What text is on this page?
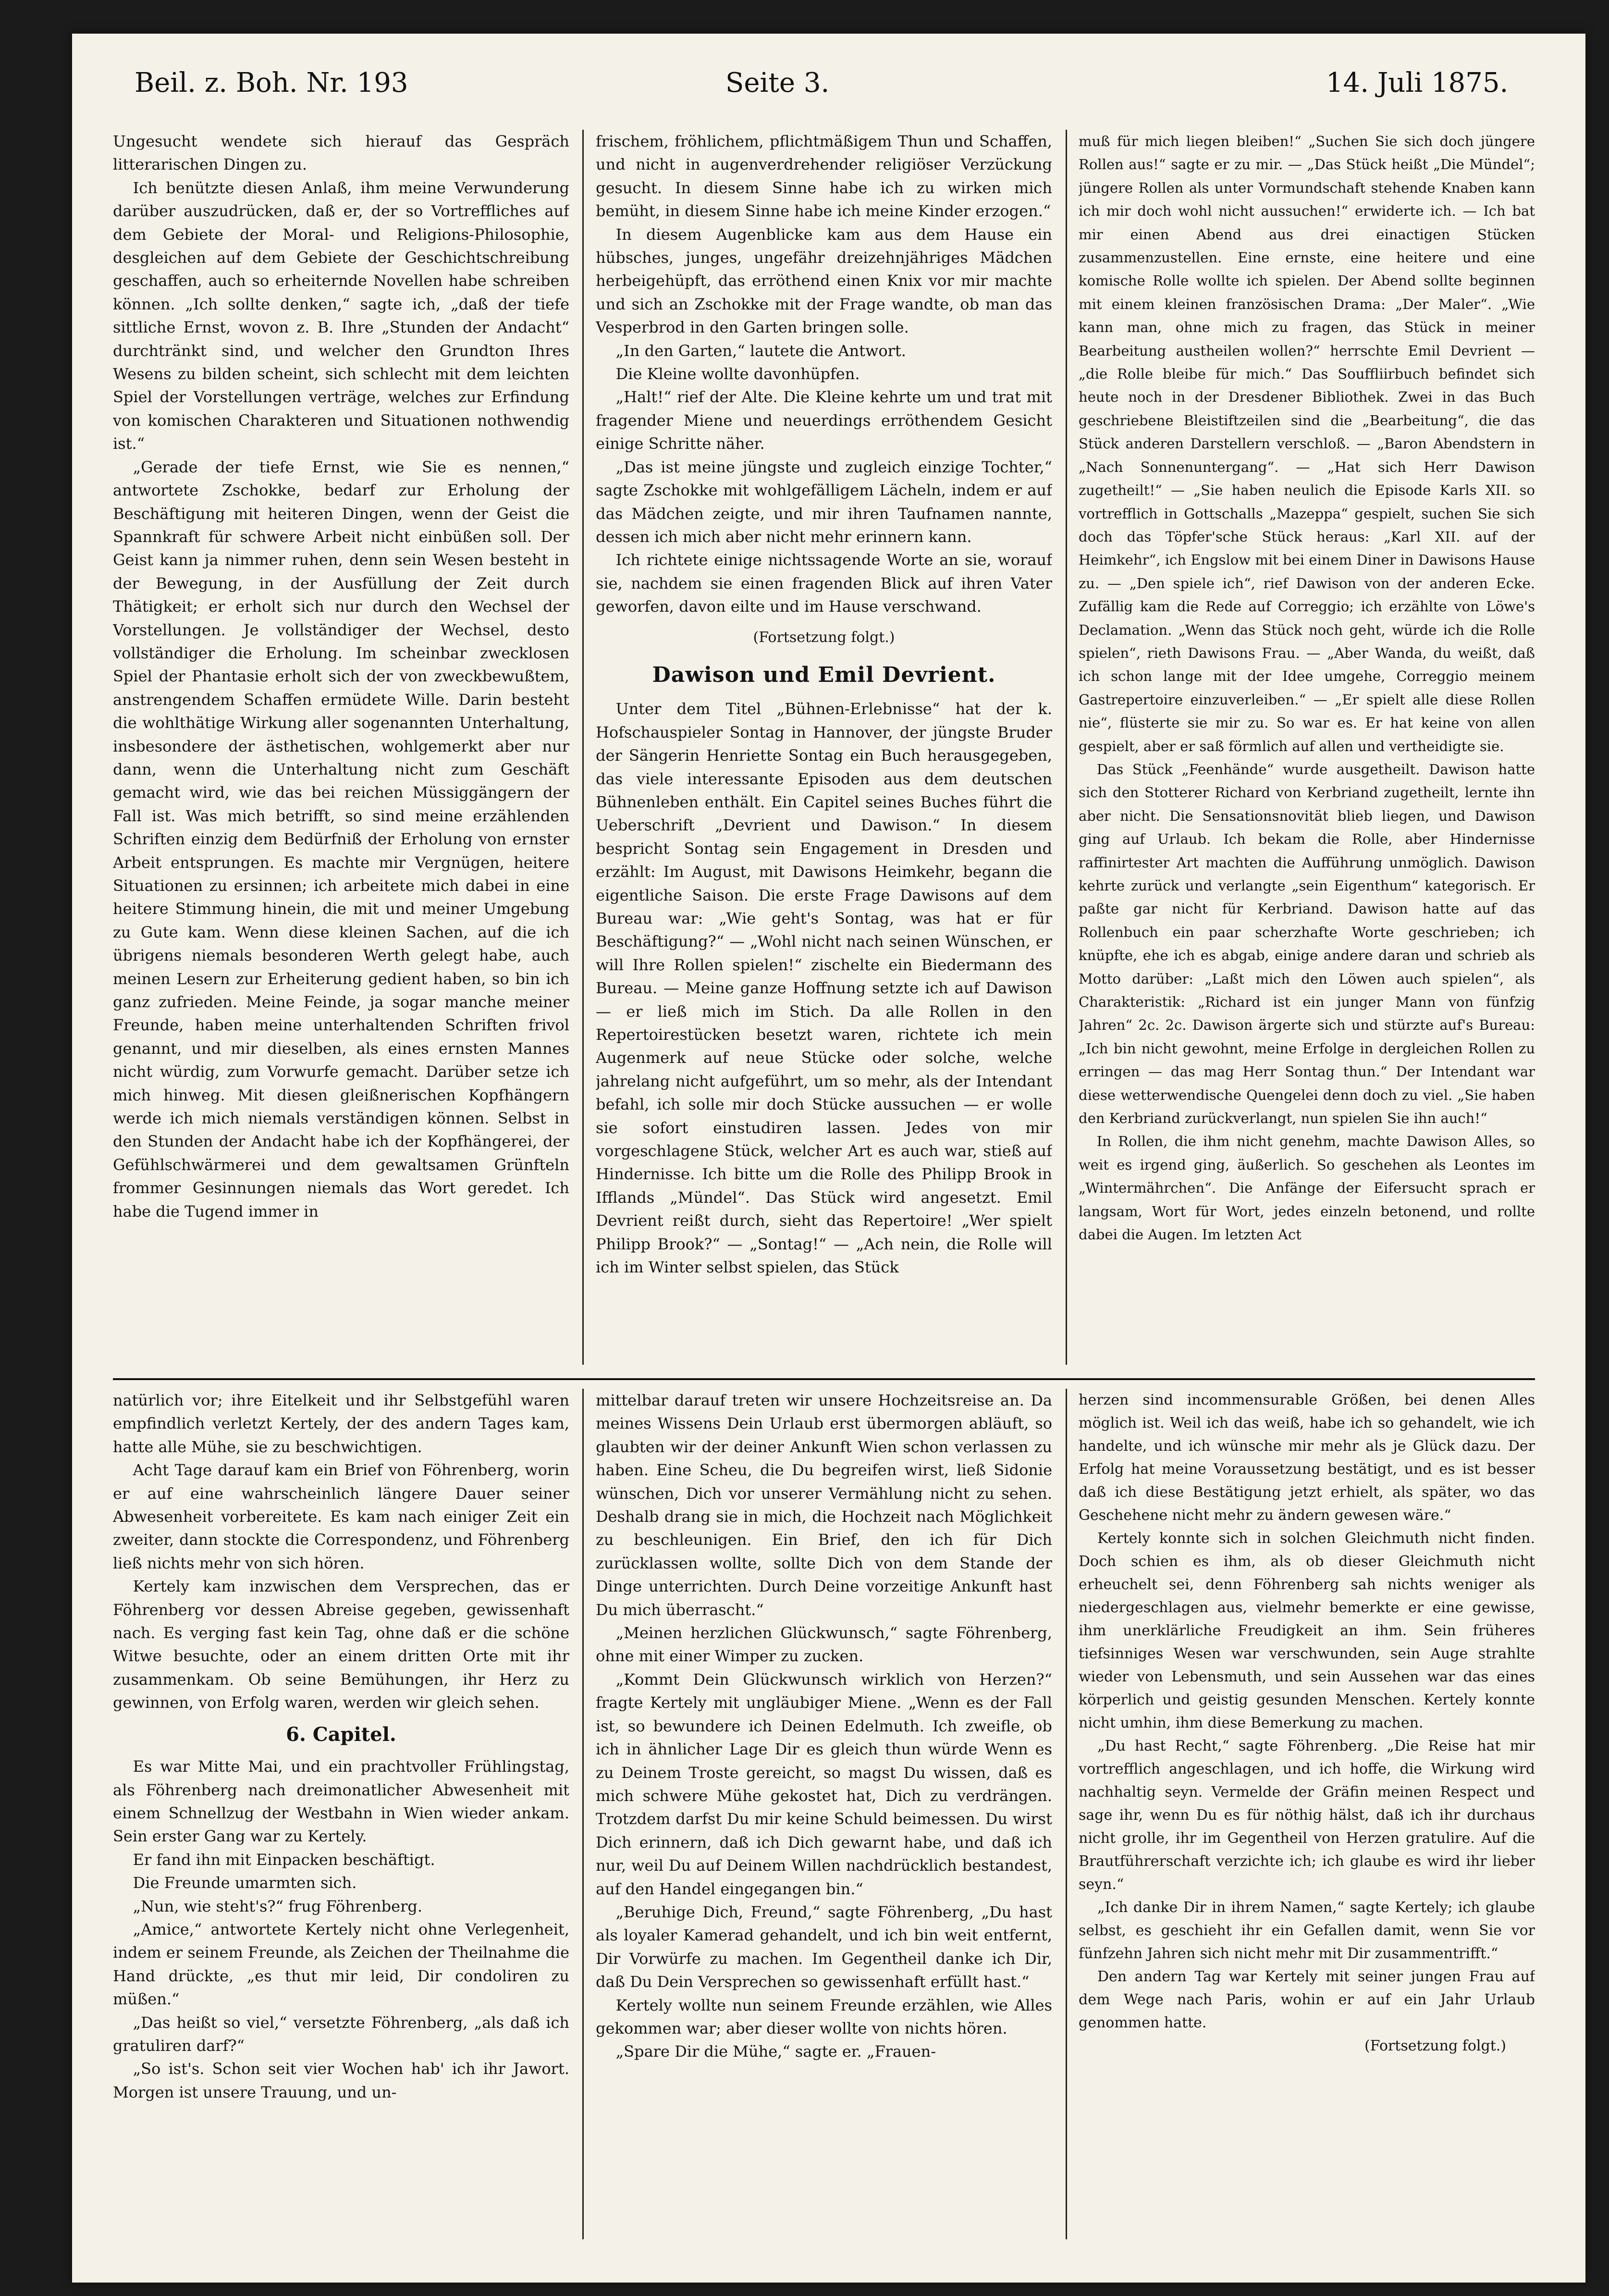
Beil. z. Boh. Nr. 193	Seite 3.	14. Juli 1875.

Ungesucht wendete sich hierauf das Gespräch litterarischen Dingen zu.

Ich benützte diesen Anlaß, ihm meine Verwunderung darüber auszudrücken, daß er, der so Vortreffliches auf dem Gebiete der Moral- und Religions-Philosophie, desgleichen auf dem Gebiete der Geschichtschreibung geschaffen, auch so erheiternde Novellen habe schreiben können. „Ich sollte denken,“ sagte ich, „daß der tiefe sittliche Ernst, wovon z. B. Ihre „Stunden der Andacht“ durchtränkt sind, und welcher den Grundton Ihres Wesens zu bilden scheint, sich schlecht mit dem leichten Spiel der Vorstellungen verträge, welches zur Erfindung von komischen Charakteren und Situationen nothwendig ist.“

„Gerade der tiefe Ernst, wie Sie es nennen,“ antwortete Zschokke, bedarf zur Erholung der Beschäftigung mit heiteren Dingen, wenn der Geist die Spannkraft für schwere Arbeit nicht einbüßen soll. Der Geist kann ja nimmer ruhen, denn sein Wesen besteht in der Bewegung, in der Ausfüllung der Zeit durch Thätigkeit; er erholt sich nur durch den Wechsel der Vorstellungen. Je vollständiger der Wechsel, desto vollständiger die Erholung. Im scheinbar zwecklosen Spiel der Phantasie erholt sich der von zweckbewußtem, anstrengendem Schaffen ermüdete Wille. Darin besteht die wohlthätige Wirkung aller sogenannten Unterhaltung, insbesondere der ästhetischen, wohlgemerkt aber nur dann, wenn die Unterhaltung nicht zum Geschäft gemacht wird, wie das bei reichen Müssiggängern der Fall ist. Was mich betrifft, so sind meine erzählenden Schriften einzig dem Bedürfniß der Erholung von ernster Arbeit entsprungen. Es machte mir Vergnügen, heitere Situationen zu ersinnen; ich arbeitete mich dabei in eine heitere Stimmung hinein, die mit und meiner Umgebung zu Gute kam. Wenn diese kleinen Sachen, auf die ich übrigens niemals besonderen Werth gelegt habe, auch meinen Lesern zur Erheiterung gedient haben, so bin ich ganz zufrieden. Meine Feinde, ja sogar manche meiner Freunde, haben meine unterhaltenden Schriften frivol genannt, und mir dieselben, als eines ernsten Mannes nicht würdig, zum Vorwurfe gemacht. Darüber setze ich mich hinweg. Mit diesen gleißnerischen Kopfhängern werde ich mich niemals verständigen können. Selbst in den Stunden der Andacht habe ich der Kopfhängerei, der Gefühlschwärmerei und dem gewaltsamen Grünfteln frommer Gesinnungen niemals das Wort geredet. Ich habe die Tugend immer in

frischem, fröhlichem, pflichtmäßigem Thun und Schaffen, und nicht in augenverdrehender religiöser Verzückung gesucht. In diesem Sinne habe ich zu wirken mich bemüht, in diesem Sinne habe ich meine Kinder erzogen.“

In diesem Augenblicke kam aus dem Hause ein hübsches, junges, ungefähr dreizehnjähriges Mädchen herbeigehüpft, das erröthend einen Knix vor mir machte und sich an Zschokke mit der Frage wandte, ob man das Vesperbrod in den Garten bringen solle.

„In den Garten,“ lautete die Antwort.

Die Kleine wollte davonhüpfen.

„Halt!“ rief der Alte. Die Kleine kehrte um und trat mit fragender Miene und neuerdings erröthendem Gesicht einige Schritte näher.

„Das ist meine jüngste und zugleich einzige Tochter,“ sagte Zschokke mit wohlgefälligem Lächeln, indem er auf das Mädchen zeigte, und mir ihren Taufnamen nannte, dessen ich mich aber nicht mehr erinnern kann.

Ich richtete einige nichtssagende Worte an sie, worauf sie, nachdem sie einen fragenden Blick auf ihren Vater geworfen, davon eilte und im Hause verschwand.

(Fortsetzung folgt.)

Dawison und Emil Devrient.

Unter dem Titel „Bühnen-Erlebnisse“ hat der k. Hofschauspieler Sontag in Hannover, der jüngste Bruder der Sängerin Henriette Sontag ein Buch herausgegeben, das viele interessante Episoden aus dem deutschen Bühnenleben enthält. Ein Capitel seines Buches führt die Ueberschrift „Devrient und Dawison.“ In diesem bespricht Sontag sein Engagement in Dresden und erzählt: Im August, mit Dawisons Heimkehr, begann die eigentliche Saison. Die erste Frage Dawisons auf dem Bureau war: „Wie geht's Sontag, was hat er für Beschäftigung?“ — „Wohl nicht nach seinen Wünschen, er will Ihre Rollen spielen!“ zischelte ein Biedermann des Bureau. — Meine ganze Hoffnung setzte ich auf Dawison — er ließ mich im Stich. Da alle Rollen in den Repertoirestücken besetzt waren, richtete ich mein Augenmerk auf neue Stücke oder solche, welche jahrelang nicht aufgeführt, um so mehr, als der Intendant befahl, ich solle mir doch Stücke aussuchen — er wolle sie sofort einstudiren lassen. Jedes von mir vorgeschlagene Stück, welcher Art es auch war, stieß auf Hindernisse. Ich bitte um die Rolle des Philipp Brook in Ifflands „Mündel“. Das Stück wird angesetzt. Emil Devrient reißt durch, sieht das Repertoire! „Wer spielt Philipp Brook?“ — „Sontag!“ — „Ach nein, die Rolle will ich im Winter selbst spielen, das Stück

muß für mich liegen bleiben!“ „Suchen Sie sich doch jüngere Rollen aus!“ sagte er zu mir. — „Das Stück heißt „Die Mündel“; jüngere Rollen als unter Vormundschaft stehende Knaben kann ich mir doch wohl nicht aussuchen!“ erwiderte ich. — Ich bat mir einen Abend aus drei einactigen Stücken zusammenzustellen. Eine ernste, eine heitere und eine komische Rolle wollte ich spielen. Der Abend sollte beginnen mit einem kleinen französischen Drama: „Der Maler“. „Wie kann man, ohne mich zu fragen, das Stück in meiner Bearbeitung austheilen wollen?“ herrschte Emil Devrient — „die Rolle bleibe für mich.“ Das Souffliirbuch befindet sich heute noch in der Dresdener Bibliothek. Zwei in das Buch geschriebene Bleistiftzeilen sind die „Bearbeitung“, die das Stück anderen Darstellern verschloß. — „Baron Abendstern in „Nach Sonnenuntergang“. — „Hat sich Herr Dawison zugetheilt!“ — „Sie haben neulich die Episode Karls XII. so vortrefflich in Gottschalls „Mazeppa“ gespielt, suchen Sie sich doch das Töpfer'sche Stück heraus: „Karl XII. auf der Heimkehr“, ich Engslow mit bei einem Diner in Dawisons Hause zu. — „Den spiele ich“, rief Dawison von der anderen Ecke. Zufällig kam die Rede auf Correggio; ich erzählte von Löwe's Declamation. „Wenn das Stück noch geht, würde ich die Rolle spielen“, rieth Dawisons Frau. — „Aber Wanda, du weißt, daß ich schon lange mit der Idee umgehe, Correggio meinem Gastrepertoire einzuverleiben.“ — „Er spielt alle diese Rollen nie“, flüsterte sie mir zu. So war es. Er hat keine von allen gespielt, aber er saß förmlich auf allen und vertheidigte sie.

Das Stück „Feenhände“ wurde ausgetheilt. Dawison hatte sich den Stotterer Richard von Kerbriand zugetheilt, lernte ihn aber nicht. Die Sensationsnovität blieb liegen, und Dawison ging auf Urlaub. Ich bekam die Rolle, aber Hindernisse raffinirtester Art machten die Aufführung unmöglich. Dawison kehrte zurück und verlangte „sein Eigenthum“ kategorisch. Er paßte gar nicht für Kerbriand. Dawison hatte auf das Rollenbuch ein paar scherzhafte Worte geschrieben; ich knüpfte, ehe ich es abgab, einige andere daran und schrieb als Motto darüber: „Laßt mich den Löwen auch spielen“, als Charakteristik: „Richard ist ein junger Mann von fünfzig Jahren“ 2c. 2c. Dawison ärgerte sich und stürzte auf's Bureau: „Ich bin nicht gewohnt, meine Erfolge in dergleichen Rollen zu erringen — das mag Herr Sontag thun.“ Der Intendant war diese wetterwendische Quengelei denn doch zu viel. „Sie haben den Kerbriand zurückverlangt, nun spielen Sie ihn auch!“

In Rollen, die ihm nicht genehm, machte Dawison Alles, so weit es irgend ging, äußerlich. So geschehen als Leontes im „Wintermährchen“. Die Anfänge der Eifersucht sprach er langsam, Wort für Wort, jedes einzeln betonend, und rollte dabei die Augen. Im letzten Act

natürlich vor; ihre Eitelkeit und ihr Selbstgefühl waren empfindlich verletzt Kertely, der des andern Tages kam, hatte alle Mühe, sie zu beschwichtigen.

Acht Tage darauf kam ein Brief von Föhrenberg, worin er auf eine wahrscheinlich längere Dauer seiner Abwesenheit vorbereitete. Es kam nach einiger Zeit ein zweiter, dann stockte die Correspondenz, und Föhrenberg ließ nichts mehr von sich hören.

Kertely kam inzwischen dem Versprechen, das er Föhrenberg vor dessen Abreise gegeben, gewissenhaft nach. Es verging fast kein Tag, ohne daß er die schöne Witwe besuchte, oder an einem dritten Orte mit ihr zusammenkam. Ob seine Bemühungen, ihr Herz zu gewinnen, von Erfolg waren, werden wir gleich sehen.

6. Capitel.

Es war Mitte Mai, und ein prachtvoller Frühlingstag, als Föhrenberg nach dreimonatlicher Abwesenheit mit einem Schnellzug der Westbahn in Wien wieder ankam. Sein erster Gang war zu Kertely.

Er fand ihn mit Einpacken beschäftigt.

Die Freunde umarmten sich.

„Nun, wie steht's?“ frug Föhrenberg.

„Amice,“ antwortete Kertely nicht ohne Verlegenheit, indem er seinem Freunde, als Zeichen der Theilnahme die Hand drückte, „es thut mir leid, Dir condoliren zu müßen.“

„Das heißt so viel,“ versetzte Föhrenberg, „als daß ich gratuliren darf?“

„So ist's. Schon seit vier Wochen hab' ich ihr Jawort. Morgen ist unsere Trauung, und un-

mittelbar darauf treten wir unsere Hochzeitsreise an. Da meines Wissens Dein Urlaub erst übermorgen abläuft, so glaubten wir der deiner Ankunft Wien schon verlassen zu haben. Eine Scheu, die Du begreifen wirst, ließ Sidonie wünschen, Dich vor unserer Vermählung nicht zu sehen. Deshalb drang sie in mich, die Hochzeit nach Möglichkeit zu beschleunigen. Ein Brief, den ich für Dich zurücklassen wollte, sollte Dich von dem Stande der Dinge unterrichten. Durch Deine vorzeitige Ankunft hast Du mich überrascht.“

„Meinen herzlichen Glückwunsch,“ sagte Föhrenberg, ohne mit einer Wimper zu zucken.

„Kommt Dein Glückwunsch wirklich von Herzen?“ fragte Kertely mit ungläubiger Miene. „Wenn es der Fall ist, so bewundere ich Deinen Edelmuth. Ich zweifle, ob ich in ähnlicher Lage Dir es gleich thun würde Wenn es zu Deinem Troste gereicht, so magst Du wissen, daß es mich schwere Mühe gekostet hat, Dich zu verdrängen. Trotzdem darfst Du mir keine Schuld beimessen. Du wirst Dich erinnern, daß ich Dich gewarnt habe, und daß ich nur, weil Du auf Deinem Willen nachdrücklich bestandest, auf den Handel eingegangen bin.“

„Beruhige Dich, Freund,“ sagte Föhrenberg, „Du hast als loyaler Kamerad gehandelt, und ich bin weit entfernt, Dir Vorwürfe zu machen. Im Gegentheil danke ich Dir, daß Du Dein Versprechen so gewissenhaft erfüllt hast.“

Kertely wollte nun seinem Freunde erzählen, wie Alles gekommen war; aber dieser wollte von nichts hören.

„Spare Dir die Mühe,“ sagte er. „Frauen-

herzen sind incommensurable Größen, bei denen Alles möglich ist. Weil ich das weiß, habe ich so gehandelt, wie ich handelte, und ich wünsche mir mehr als je Glück dazu. Der Erfolg hat meine Voraussetzung bestätigt, und es ist besser daß ich diese Bestätigung jetzt erhielt, als später, wo das Geschehene nicht mehr zu ändern gewesen wäre.“

Kertely konnte sich in solchen Gleichmuth nicht finden. Doch schien es ihm, als ob dieser Gleichmuth nicht erheuchelt sei, denn Föhrenberg sah nichts weniger als niedergeschlagen aus, vielmehr bemerkte er eine gewisse, ihm unerklärliche Freudigkeit an ihm. Sein früheres tiefsinniges Wesen war verschwunden, sein Auge strahlte wieder von Lebensmuth, und sein Aussehen war das eines körperlich und geistig gesunden Menschen. Kertely konnte nicht umhin, ihm diese Bemerkung zu machen.

„Du hast Recht,“ sagte Föhrenberg. „Die Reise hat mir vortrefflich angeschlagen, und ich hoffe, die Wirkung wird nachhaltig seyn. Vermelde der Gräfin meinen Respect und sage ihr, wenn Du es für nöthig hälst, daß ich ihr durchaus nicht grolle, ihr im Gegentheil von Herzen gratulire. Auf die Brautführerschaft verzichte ich; ich glaube es wird ihr lieber seyn.“

„Ich danke Dir in ihrem Namen,“ sagte Kertely; ich glaube selbst, es geschieht ihr ein Gefallen damit, wenn Sie vor fünfzehn Jahren sich nicht mehr mit Dir zusammentrifft.“

Den andern Tag war Kertely mit seiner jungen Frau auf dem Wege nach Paris, wohin er auf ein Jahr Urlaub genommen hatte.

(Fortsetzung folgt.)
